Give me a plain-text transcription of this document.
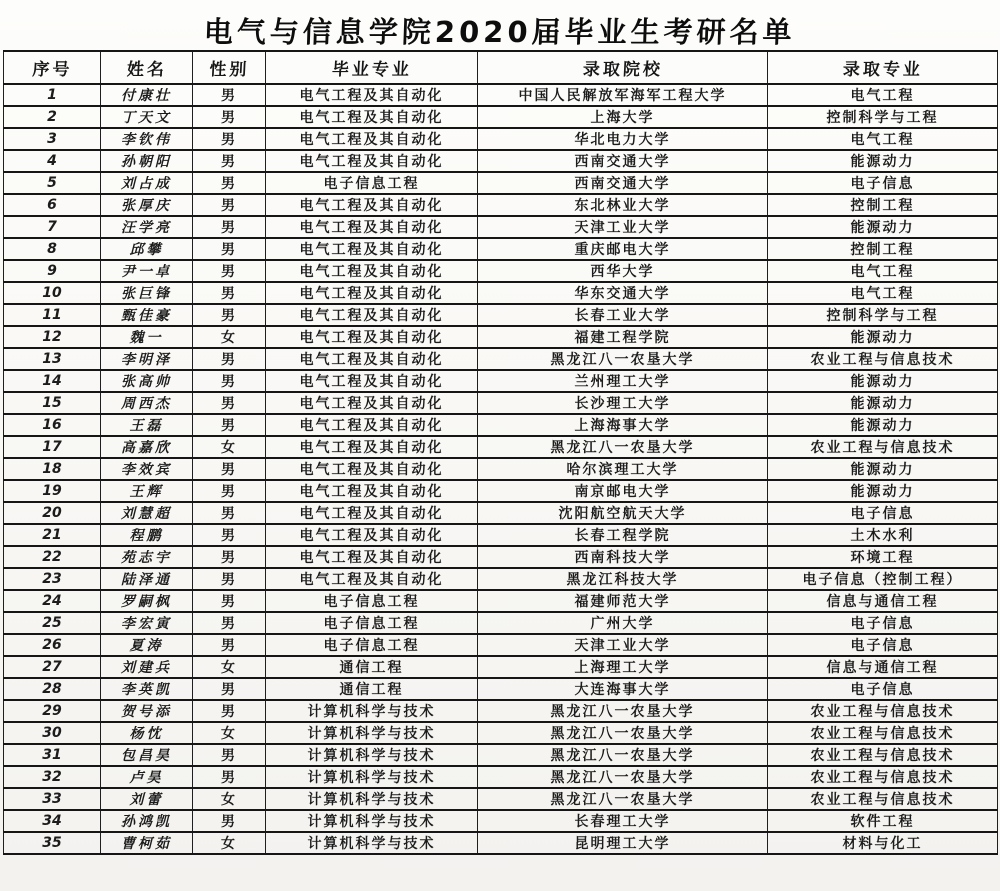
电气与信息学院2020届毕业生考研名单
序号	姓名	性别	毕业专业	录取院校	录取专业
1	付康壮	男	电气工程及其自动化	中国人民解放军海军工程大学	电气工程
2	丁天文	男	电气工程及其自动化	上海大学	控制科学与工程
3	李钦伟	男	电气工程及其自动化	华北电力大学	电气工程
4	孙朝阳	男	电气工程及其自动化	西南交通大学	能源动力
5	刘占成	男	电子信息工程	西南交通大学	电子信息
6	张厚庆	男	电气工程及其自动化	东北林业大学	控制工程
7	汪学亮	男	电气工程及其自动化	天津工业大学	能源动力
8	邱攀	男	电气工程及其自动化	重庆邮电大学	控制工程
9	尹一卓	男	电气工程及其自动化	西华大学	电气工程
10	张巨锋	男	电气工程及其自动化	华东交通大学	电气工程
11	甄佳豪	男	电气工程及其自动化	长春工业大学	控制科学与工程
12	魏一	女	电气工程及其自动化	福建工程学院	能源动力
13	李明泽	男	电气工程及其自动化	黑龙江八一农垦大学	农业工程与信息技术
14	张高帅	男	电气工程及其自动化	兰州理工大学	能源动力
15	周西杰	男	电气工程及其自动化	长沙理工大学	能源动力
16	王磊	男	电气工程及其自动化	上海海事大学	能源动力
17	高嘉欣	女	电气工程及其自动化	黑龙江八一农垦大学	农业工程与信息技术
18	李效宾	男	电气工程及其自动化	哈尔滨理工大学	能源动力
19	王辉	男	电气工程及其自动化	南京邮电大学	能源动力
20	刘慧超	男	电气工程及其自动化	沈阳航空航天大学	电子信息
21	程鹏	男	电气工程及其自动化	长春工程学院	土木水利
22	苑志宇	男	电气工程及其自动化	西南科技大学	环境工程
23	陆泽通	男	电气工程及其自动化	黑龙江科技大学	电子信息（控制工程）
24	罗嗣枫	男	电子信息工程	福建师范大学	信息与通信工程
25	李宏寅	男	电子信息工程	广州大学	电子信息
26	夏涛	男	电子信息工程	天津工业大学	电子信息
27	刘建兵	女	通信工程	上海理工大学	信息与通信工程
28	李英凯	男	通信工程	大连海事大学	电子信息
29	贺号添	男	计算机科学与技术	黑龙江八一农垦大学	农业工程与信息技术
30	杨忱	女	计算机科学与技术	黑龙江八一农垦大学	农业工程与信息技术
31	包昌昊	男	计算机科学与技术	黑龙江八一农垦大学	农业工程与信息技术
32	卢昊	男	计算机科学与技术	黑龙江八一农垦大学	农业工程与信息技术
33	刘蕾	女	计算机科学与技术	黑龙江八一农垦大学	农业工程与信息技术
34	孙鸿凯	男	计算机科学与技术	长春理工大学	软件工程
35	曹柯茹	女	计算机科学与技术	昆明理工大学	材料与化工
